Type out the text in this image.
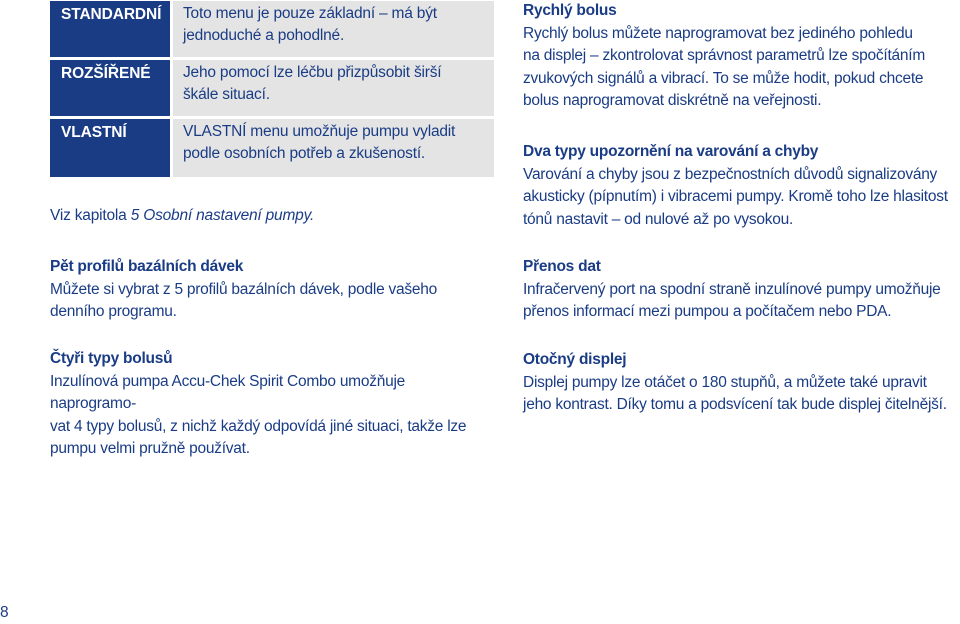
STANDARDNÍ	Toto menu je pouze základní – má být
jednoduché a pohodlné.
ROZŠÍŘENÉ	Jeho pomocí lze léčbu přizpůsobit širší
škále situací.
VLASTNÍ	VLASTNÍ menu umožňuje pumpu vyladit
podle osobních potřeb a zkušeností.
Viz kapitola 5 Osobní nastavení pumpy.
Pět profilů bazálních dávek
Můžete si vybrat z 5 profilů bazálních dávek, podle vašeho
denního programu.
Čtyři typy bolusů
Inzulínová pumpa Accu-Chek Spirit Combo umožňuje naprogramo-
vat 4 typy bolusů, z nichž každý odpovídá jiné situaci, takže lze
pumpu velmi pružně používat.
Rychlý bolus
Rychlý bolus můžete naprogramovat bez jediného pohledu
na displej – zkontrolovat správnost parametrů lze spočítáním
zvukových signálů a vibrací. To se může hodit, pokud chcete
bolus naprogramovat diskrétně na veřejnosti.
Dva typy upozornění na varování a chyby
Varování a chyby jsou z bezpečnostních důvodů signalizovány
akusticky (pípnutím) i vibracemi pumpy. Kromě toho lze hlasitost
tónů nastavit – od nulové až po vysokou.
Přenos dat
Infračervený port na spodní straně inzulínové pumpy umožňuje
přenos informací mezi pumpou a počítačem nebo PDA.
Otočný displej
Displej pumpy lze otáčet o 180 stupňů, a můžete také upravit
jeho kontrast. Díky tomu a podsvícení tak bude displej čitelnější.
8
